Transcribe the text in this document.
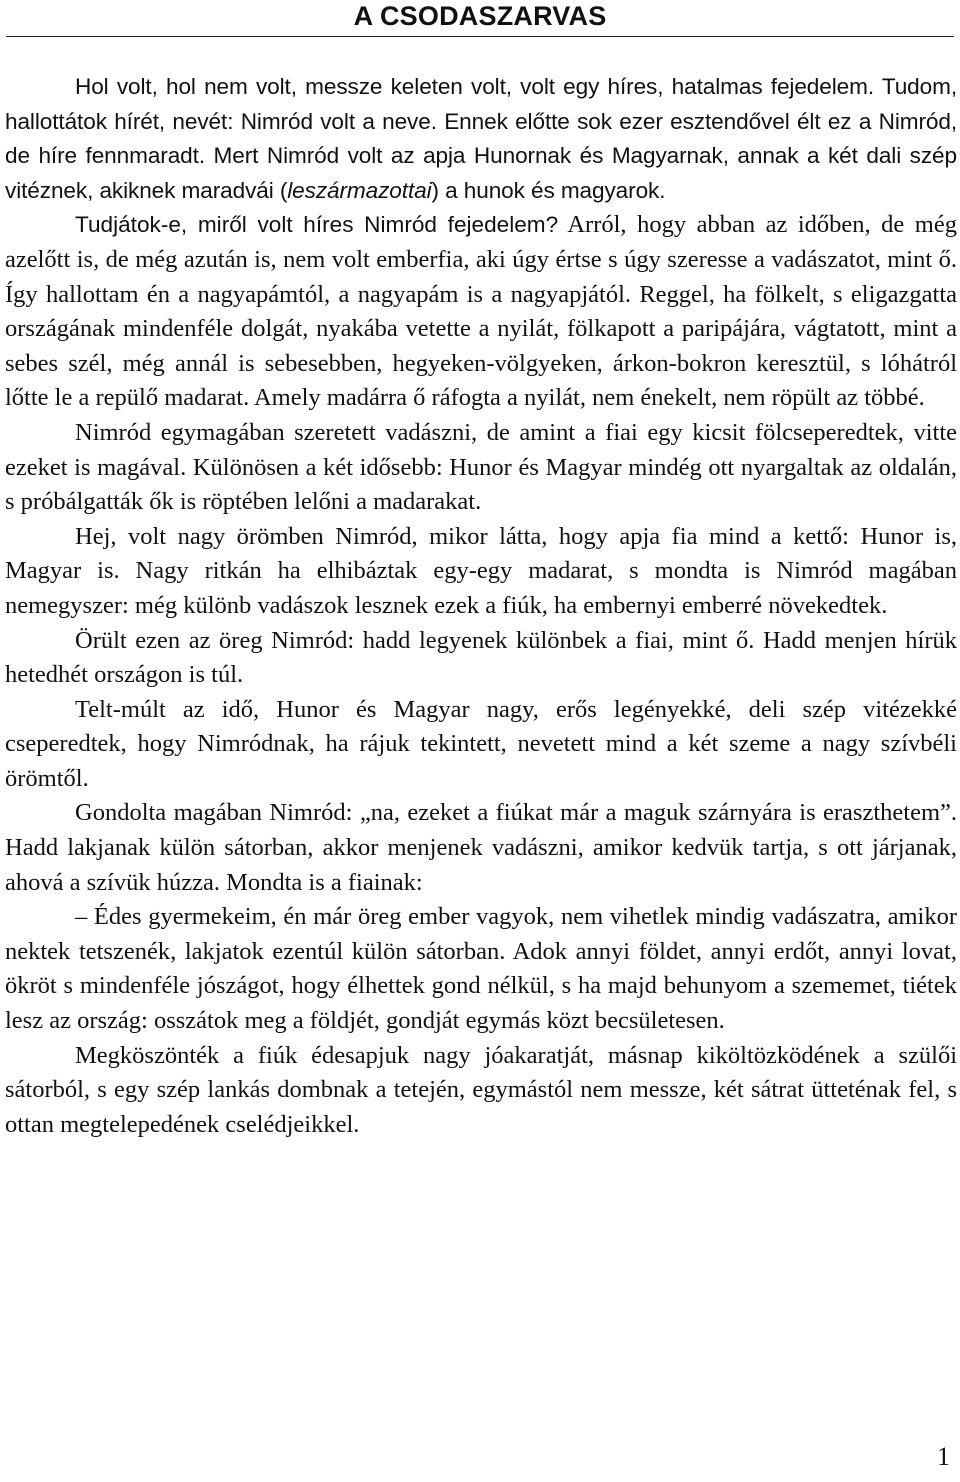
A CSODASZARVAS

Hol volt, hol nem volt, messze keleten volt, volt egy híres, hatalmas fejedelem. Tudom, hallottátok hírét, nevét: Nimród volt a neve. Ennek előtte sok ezer esztendővel élt ez a Nimród, de híre fennmaradt. Mert Nimród volt az apja Hunornak és Magyarnak, annak a két dali szép vitéznek, akiknek maradvái (leszármazottai) a hunok és magyarok.

Tudjátok-e, miről volt híres Nimród fejedelem? Arról, hogy abban az időben, de még azelőtt is, de még azután is, nem volt emberfia, aki úgy értse s úgy szeresse a vadászatot, mint ő. Így hallottam én a nagyapámtól, a nagyapám is a nagyapjától. Reggel, ha fölkelt, s eligazgatta országának mindenféle dolgát, nyakába vetette a nyilát, fölkapott a paripájára, vágtatott, mint a sebes szél, még annál is sebesebben, hegyeken-völgyeken, árkon-bokron keresztül, s lóhátról lőtte le a repülő madarat. Amely madárra ő ráfogta a nyilát, nem énekelt, nem röpült az többé.

Nimród egymagában szeretett vadászni, de amint a fiai egy kicsit fölcseperedtek, vitte ezeket is magával. Különösen a két idősebb: Hunor és Magyar mindég ott nyargaltak az oldalán, s próbálgatták ők is röptében lelőni a madarakat.

Hej, volt nagy örömben Nimród, mikor látta, hogy apja fia mind a kettő: Hunor is, Magyar is. Nagy ritkán ha elhibáztak egy-egy madarat, s mondta is Nimród magában nemegyszer: még különb vadászok lesznek ezek a fiúk, ha embernyi emberré növekedtek.

Örült ezen az öreg Nimród: hadd legyenek különbek a fiai, mint ő. Hadd menjen hírük hetedhét országon is túl.

Telt-múlt az idő, Hunor és Magyar nagy, erős legényekké, deli szép vitézekké cseperedtek, hogy Nimródnak, ha rájuk tekintett, nevetett mind a két szeme a nagy szívbéli örömtől.

Gondolta magában Nimród: „na, ezeket a fiúkat már a maguk szárnyára is eraszthetem”. Hadd lakjanak külön sátorban, akkor menjenek vadászni, amikor kedvük tartja, s ott járjanak, ahová a szívük húzza. Mondta is a fiainak:

– Édes gyermekeim, én már öreg ember vagyok, nem vihetlek mindig vadászatra, amikor nektek tetszenék, lakjatok ezentúl külön sátorban. Adok annyi földet, annyi erdőt, annyi lovat, ökröt s mindenféle jószágot, hogy élhettek gond nélkül, s ha majd behunyom a szememet, tiétek lesz az ország: osszátok meg a földjét, gondját egymás közt becsületesen.

Megköszönték a fiúk édesapjuk nagy jóakaratját, másnap kiköltözködének a szülői sátorból, s egy szép lankás dombnak a tetején, egymástól nem messze, két sátrat ütteténak fel, s ottan megtelepedének cselédjeikkel.

1
